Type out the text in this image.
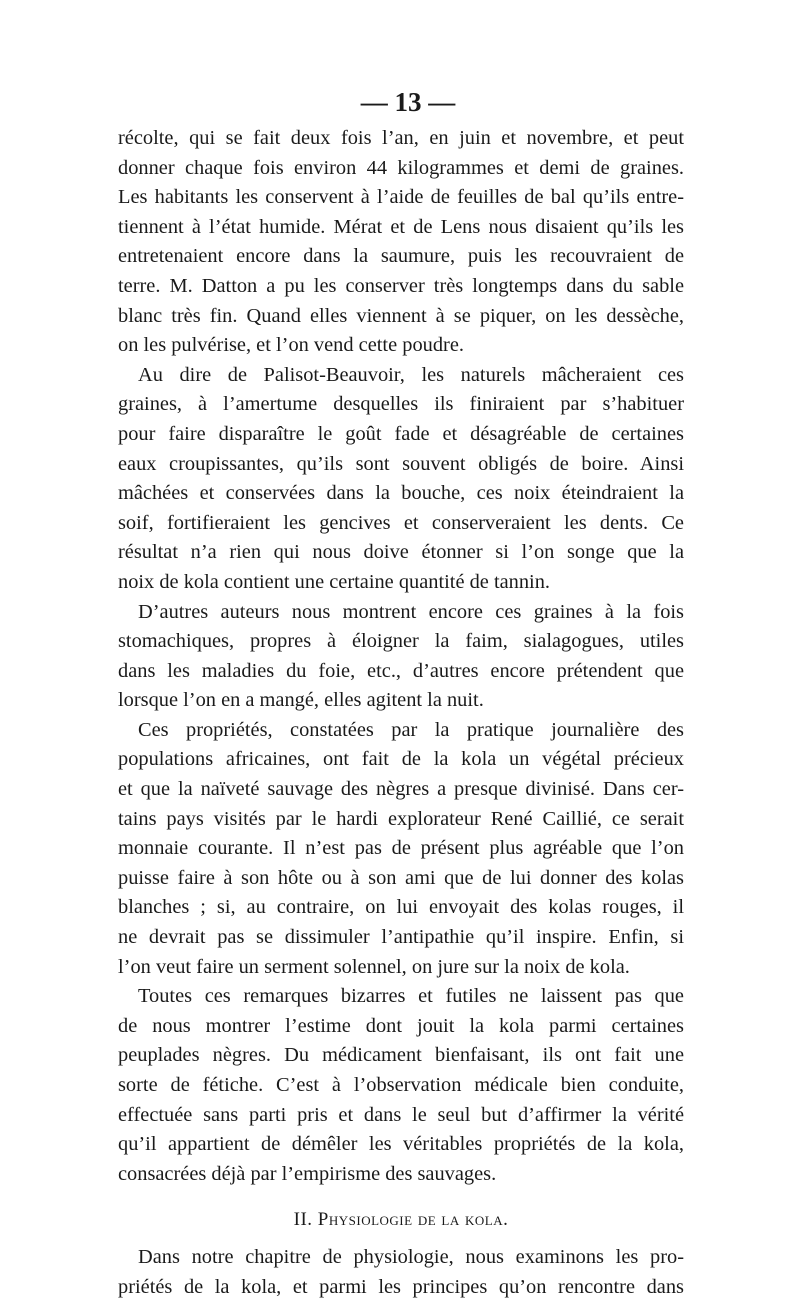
— 13 —
récolte, qui se fait deux fois l’an, en juin et novembre, et peut
donner chaque fois environ 44 kilogrammes et demi de graines.
Les habitants les conservent à l’aide de feuilles de bal qu’ils entre-
tiennent à l’état humide. Mérat et de Lens nous disaient qu’ils les
entretenaient encore dans la saumure, puis les recouvraient de
terre. M. Datton a pu les conserver très longtemps dans du sable
blanc très fin. Quand elles viennent à se piquer, on les dessèche,
on les pulvérise, et l’on vend cette poudre.
Au dire de Palisot-Beauvoir, les naturels mâcheraient ces
graines, à l’amertume desquelles ils finiraient par s’habituer
pour faire disparaître le goût fade et désagréable de certaines
eaux croupissantes, qu’ils sont souvent obligés de boire. Ainsi
mâchées et conservées dans la bouche, ces noix éteindraient la
soif, fortifieraient les gencives et conserveraient les dents. Ce
résultat n’a rien qui nous doive étonner si l’on songe que la
noix de kola contient une certaine quantité de tannin.
D’autres auteurs nous montrent encore ces graines à la fois
stomachiques, propres à éloigner la faim, sialagogues, utiles
dans les maladies du foie, etc., d’autres encore prétendent que
lorsque l’on en a mangé, elles agitent la nuit.
Ces propriétés, constatées par la pratique journalière des
populations africaines, ont fait de la kola un végétal précieux
et que la naïveté sauvage des nègres a presque divinisé. Dans cer-
tains pays visités par le hardi explorateur René Caillié, ce serait
monnaie courante. Il n’est pas de présent plus agréable que l’on
puisse faire à son hôte ou à son ami que de lui donner des kolas
blanches ; si, au contraire, on lui envoyait des kolas rouges, il
ne devrait pas se dissimuler l’antipathie qu’il inspire. Enfin, si
l’on veut faire un serment solennel, on jure sur la noix de kola.
Toutes ces remarques bizarres et futiles ne laissent pas que
de nous montrer l’estime dont jouit la kola parmi certaines
peuplades nègres. Du médicament bienfaisant, ils ont fait une
sorte de fétiche. C’est à l’observation médicale bien conduite,
effectuée sans parti pris et dans le seul but d’affirmer la vérité
qu’il appartient de démêler les véritables propriétés de la kola,
consacrées déjà par l’empirisme des sauvages.
II. Physiologie de la kola.
Dans notre chapitre de physiologie, nous examinons les pro-
priétés de la kola, et parmi les principes qu’on rencontre dans
